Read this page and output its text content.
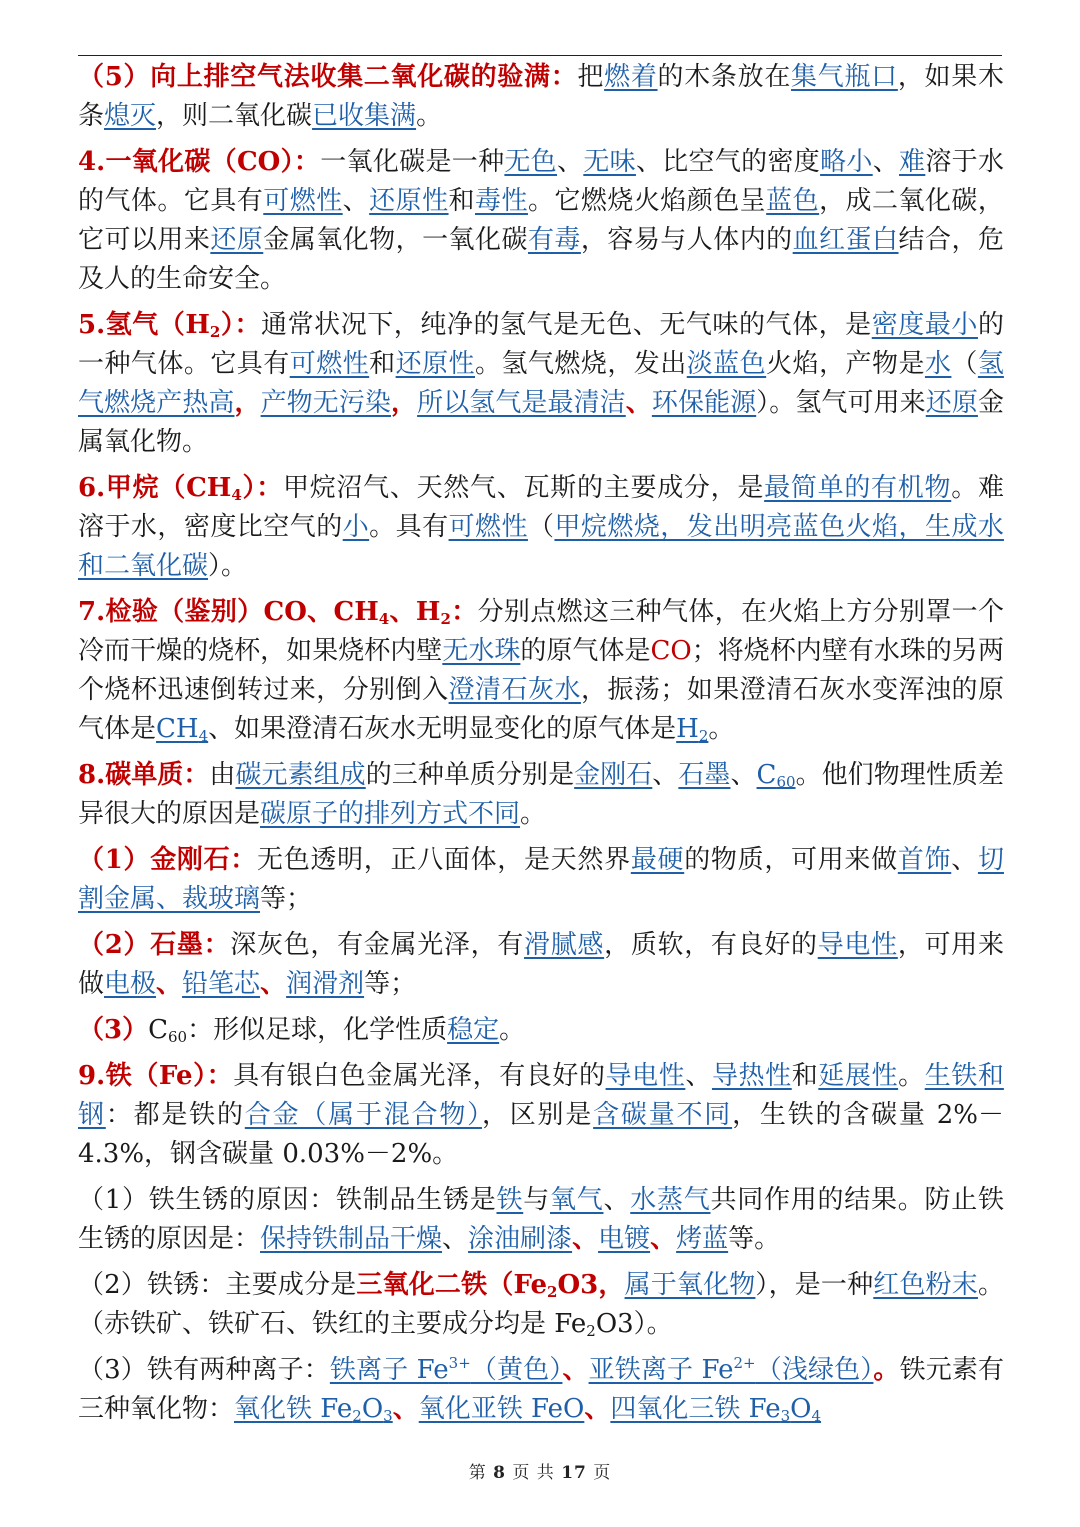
（5）向上排空气法收集二氧化碳的验满：把燃着的木条放在集气瓶口，如果木条熄灭，则二氧化碳已收集满。

4.一氧化碳（CO）：一氧化碳是一种无色、无味、比空气的密度略小、难溶于水的气体。它具有可燃性、还原性和毒性。它燃烧火焰颜色呈蓝色，成二氧化碳，它可以用来还原金属氧化物，一氧化碳有毒，容易与人体内的血红蛋白结合，危及人的生命安全。

5.氢气$(H_2)$：通常状况下，纯净的氢气是无色、无气味的气体，是密度最小的一种气体。它具有可燃性和还原性。氢气燃烧，发出淡蓝色火焰，产物是水（氢气燃烧产热高，产物无污染，所以氢气是最清洁、环保能源）。氢气可用来还原金属氧化物。

6.甲烷$(CH_4)$：甲烷沼气、天然气、瓦斯的主要成分，是最简单的有机物。难溶于水，密度比空气的小。具有可燃性（甲烷燃烧，发出明亮蓝色火焰，生成水和二氧化碳）。

7.检验（鉴别）CO、$CH_4$、$H_2$：分别点燃这三种气体，在火焰上方分别罩一个冷而干燥的烧杯，如果烧杯内壁无水珠的原气体是CO；将烧杯内壁有水珠的另两个烧杯迅速倒转过来，分别倒入澄清石灰水，振荡；如果澄清石灰水变浑浊的原气体是$CH_4$、如果澄清石灰水无明显变化的原气体是$H_2$。

8.碳单质：由碳元素组成的三种单质分别是金刚石、石墨、$C_{60}$。他们物理性质差异很大的原因是碳原子的排列方式不同。

（1）金刚石：无色透明，正八面体，是天然界最硬的物质，可用来做首饰、切割金属、裁玻璃等；

（2）石墨：深灰色，有金属光泽，有滑腻感，质软，有良好的导电性，可用来做电极、铅笔芯、润滑剂等；

$(3)C_{60}$：形似足球，化学性质稳定。

9.铁（Fe）：具有银白色金属光泽，有良好的导电性、导热性和延展性。生铁和钢：都是铁的合金（属于混合物），区别是含碳量不同，生铁的含碳量 2%－4.3%，钢含碳量 0.03%－2%。

（1）铁生锈的原因：铁制品生锈是铁与氧气、水蒸气共同作用的结果。防止铁生锈的原因是：保持铁制品干燥、涂油刷漆、电镀、烤蓝等。

（2）铁锈：主要成分是三氧化二铁（$Fe_2O3$，属于氧化物），是一种红色粉末。（赤铁矿、铁矿石、铁红的主要成分均是 $Fe_2O3$）。

（3）铁有两种离子：铁离子 $Fe^{3+}$（黄色）、亚铁离子 $Fe^{2+}$（浅绿色）。铁元素有三种氧化物：氧化铁 $Fe_2O_3$、氧化亚铁 FeO、四氧化三铁 $Fe_3O_4$

第 8 页 共 17 页
